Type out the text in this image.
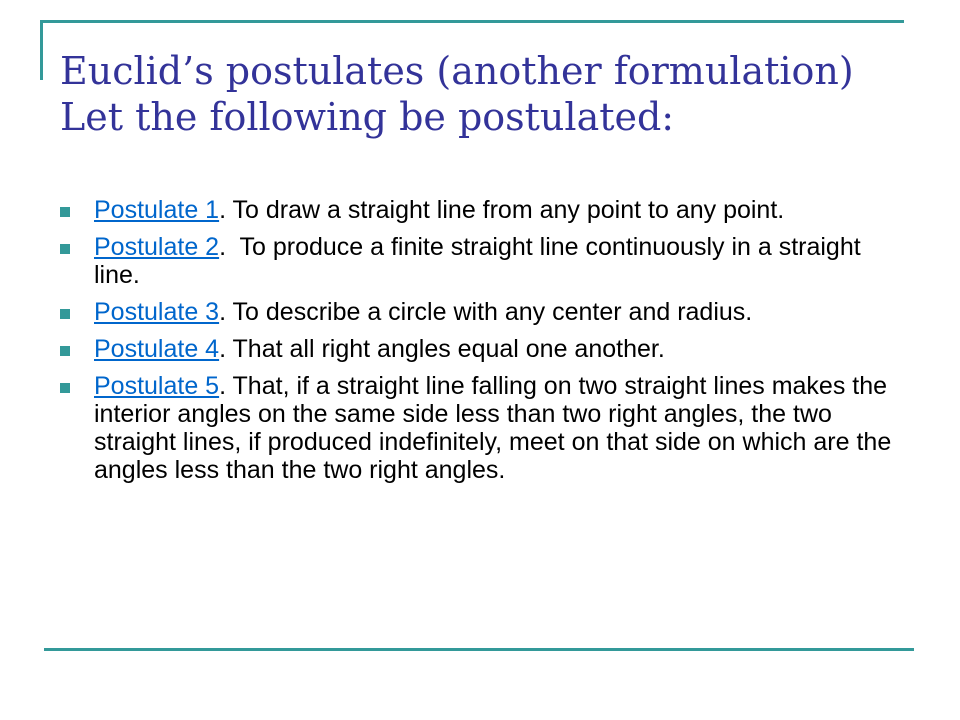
Euclid’s postulates (another formulation)
Let the following be postulated:
Postulate 1. To draw a straight line from any point to any point.
Postulate 2.  To produce a finite straight line continuously in a straight line.
Postulate 3. To describe a circle with any center and radius.
Postulate 4. That all right angles equal one another.
Postulate 5. That, if a straight line falling on two straight lines makes the interior angles on the same side less than two right angles, the two straight lines, if produced indefinitely, meet on that side on which are the angles less than the two right angles.
